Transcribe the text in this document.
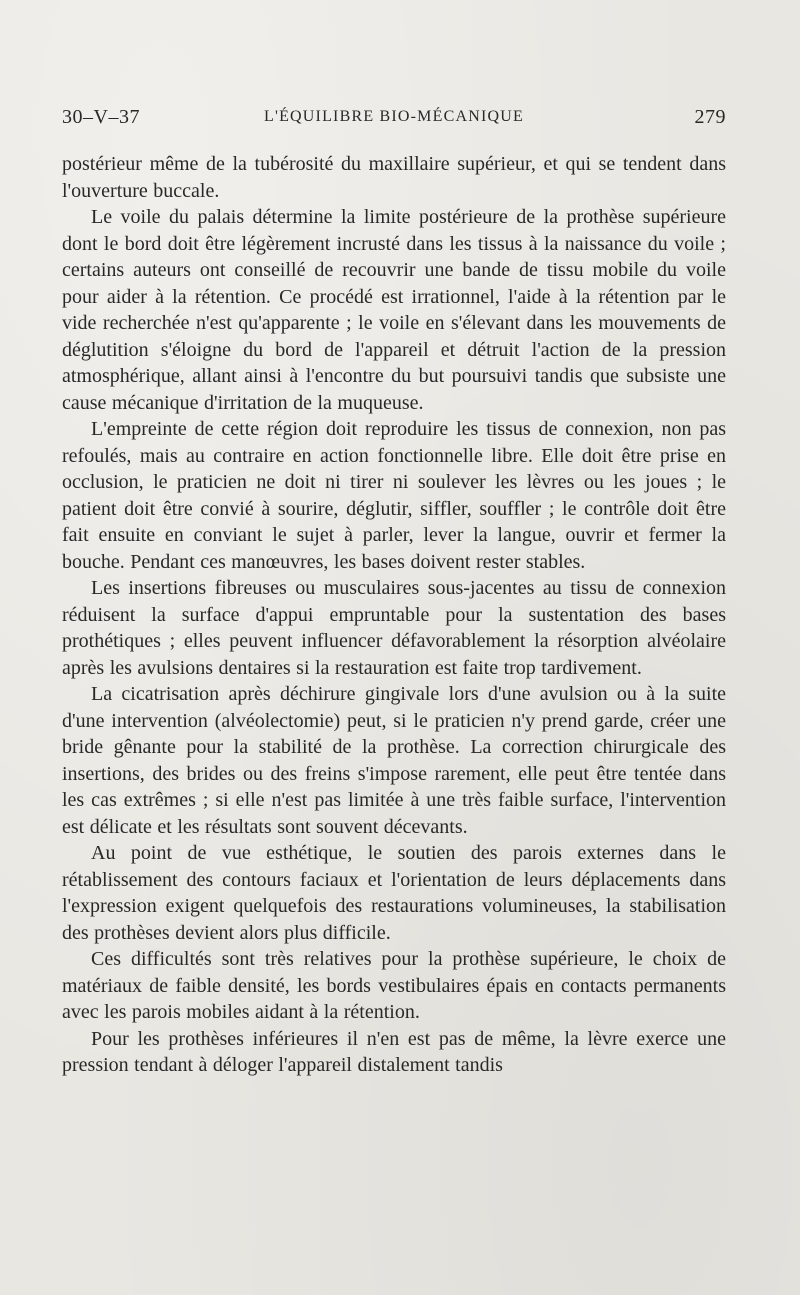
30–V–37	L'ÉQUILIBRE BIO-MÉCANIQUE	279

postérieur même de la tubérosité du maxillaire supérieur, et qui se tendent dans l'ouverture buccale.

Le voile du palais détermine la limite postérieure de la prothèse supérieure dont le bord doit être légèrement incrusté dans les tissus à la naissance du voile ; certains auteurs ont conseillé de recouvrir une bande de tissu mobile du voile pour aider à la rétention. Ce procédé est irrationnel, l'aide à la rétention par le vide recherchée n'est qu'apparente ; le voile en s'élevant dans les mouvements de déglutition s'éloigne du bord de l'appareil et détruit l'action de la pression atmosphérique, allant ainsi à l'encontre du but poursuivi tandis que subsiste une cause mécanique d'irritation de la muqueuse.

L'empreinte de cette région doit reproduire les tissus de connexion, non pas refoulés, mais au contraire en action fonctionnelle libre. Elle doit être prise en occlusion, le praticien ne doit ni tirer ni soulever les lèvres ou les joues ; le patient doit être convié à sourire, déglutir, siffler, souffler ; le contrôle doit être fait ensuite en conviant le sujet à parler, lever la langue, ouvrir et fermer la bouche. Pendant ces manœuvres, les bases doivent rester stables.

Les insertions fibreuses ou musculaires sous-jacentes au tissu de connexion réduisent la surface d'appui empruntable pour la sustentation des bases prothétiques ; elles peuvent influencer défavorablement la résorption alvéolaire après les avulsions dentaires si la restauration est faite trop tardivement.

La cicatrisation après déchirure gingivale lors d'une avulsion ou à la suite d'une intervention (alvéolectomie) peut, si le praticien n'y prend garde, créer une bride gênante pour la stabilité de la prothèse. La correction chirurgicale des insertions, des brides ou des freins s'impose rarement, elle peut être tentée dans les cas extrêmes ; si elle n'est pas limitée à une très faible surface, l'intervention est délicate et les résultats sont souvent décevants.

Au point de vue esthétique, le soutien des parois externes dans le rétablissement des contours faciaux et l'orientation de leurs déplacements dans l'expression exigent quelquefois des restaurations volumineuses, la stabilisation des prothèses devient alors plus difficile.

Ces difficultés sont très relatives pour la prothèse supérieure, le choix de matériaux de faible densité, les bords vestibulaires épais en contacts permanents avec les parois mobiles aidant à la rétention.

Pour les prothèses inférieures il n'en est pas de même, la lèvre exerce une pression tendant à déloger l'appareil distalement tandis
